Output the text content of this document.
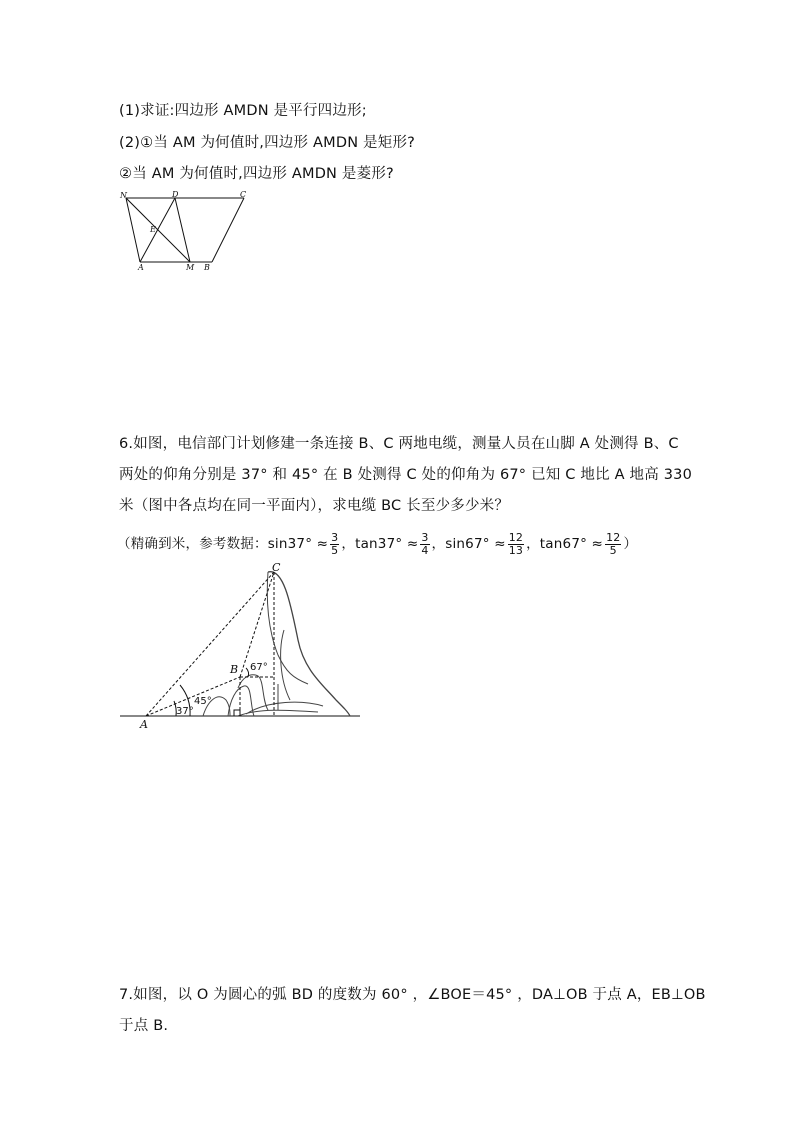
(1)求证:四边形 AMDN 是平行四边形;
(2)①当 AM 为何值时,四边形 AMDN 是矩形?
②当 AM 为何值时,四边形 AMDN 是菱形?
N	D	C
E
A	M B
6.如图，电信部门计划修建一条连接 B、C 两地电缆，测量人员在山脚 A 处测得 B、C
两处的仰角分别是 37° 和 45° 在 B 处测得 C 处的仰角为 67° 已知 C 地比 A 地高 330
米（图中各点均在同一平面内），求电缆 BC 长至少多少米？
（精确到米，参考数据：$\sin 37^\circ \approx \frac{3}{5}$ ，$\tan 37^\circ \approx \frac{3}{4}$ ，$\sin 67^\circ \approx \frac{12}{13}$ ，$\tan 67^\circ \approx \frac{12}{5}$ ）
C
B
A
67°
45°
37°
7.如图，以 O 为圆心的弧 BD 的度数为 60° ，∠BOE＝45° ，DA⊥OB 于点 A，EB⊥OB
于点 B.
